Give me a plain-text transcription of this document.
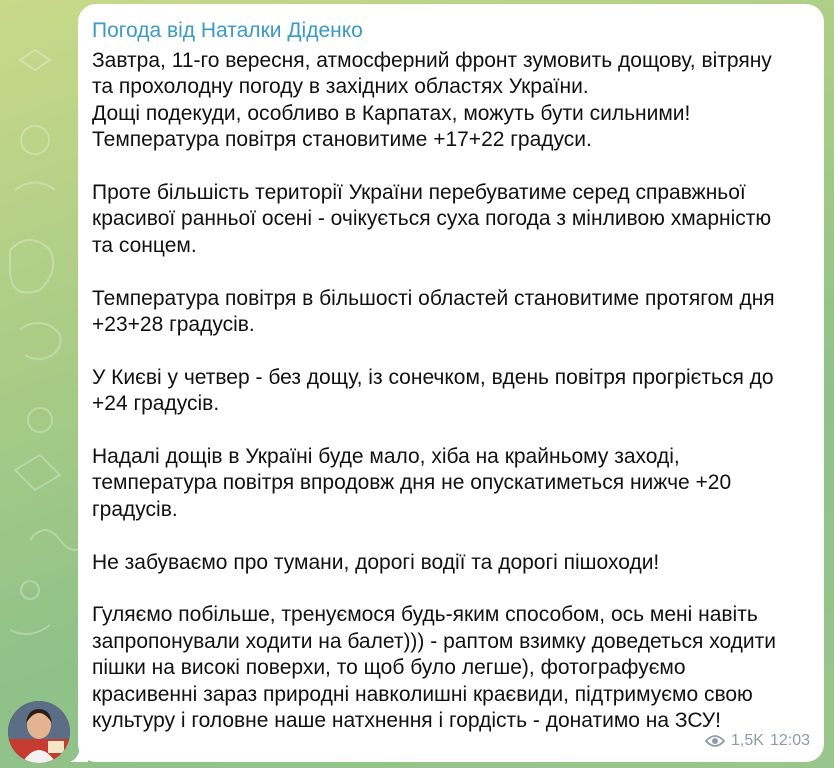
Погода від Наталки Діденко

Завтра, 11-го вересня, атмосферний фронт зумовить дощову, вітряну
та прохолодну погоду в західних областях України.
Дощі подекуди, особливо в Карпатах, можуть бути сильними!
Температура повітря становитиме +17+22 градуси.

Проте більшість території України перебуватиме серед справжньої
красивої ранньої осені - очікується суха погода з мінливою хмарністю
та сонцем.

Температура повітря в більшості областей становитиме протягом дня
+23+28 градусів.

У Києві у четвер - без дощу, із сонечком, вдень повітря прогріється до
+24 градусів.

Надалі дощів в Україні буде мало, хіба на крайньому заході,
температура повітря впродовж дня не опускатиметься нижче +20
градусів.

Не забуваємо про тумани, дорогі водії та дорогі пішоходи!

Гуляємо побільше, тренуємося будь-яким способом, ось мені навіть
запропонували ходити на балет))) - раптом взимку доведеться ходити
пішки на високі поверхи, то щоб було легше), фотографуємо
красивенні зараз природні навколишні краєвиди, підтримуємо свою
культуру і головне наше натхнення і гордість - донатимо на ЗСУ!

1,5K 12:03
